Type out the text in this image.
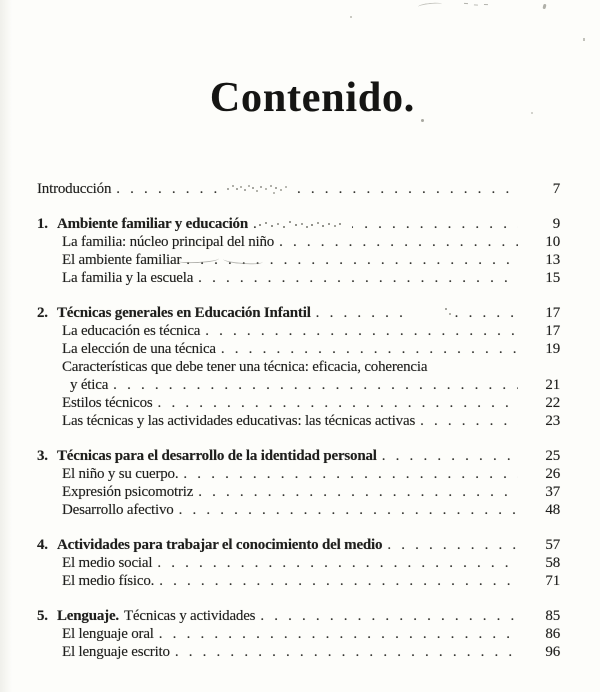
Contenido.
Introducción . . .	7
1. Ambiente familiar y educación . . .	9
La familia: núcleo principal del niño . . .	10
El ambiente familiar . . .	13
La familia y la escuela . . .	15
2. Técnicas generales en Educación Infantil . . .	17
La educación es técnica . . .	17
La elección de una técnica . . .	19
Características que debe tener una técnica: eficacia, coherencia
y ética . . .	21
Estilos técnicos . . .	22
Las técnicas y las actividades educativas: las técnicas activas . . .	23
3. Técnicas para el desarrollo de la identidad personal . . .	25
El niño y su cuerpo. . . .	26
Expresión psicomotriz . . .	37
Desarrollo afectivo . . .	48
4. Actividades para trabajar el conocimiento del medio . . .	57
El medio social . . .	58
El medio físico. . . .	71
5. Lenguaje. Técnicas y actividades . . .	85
El lenguaje oral . . .	86
El lenguaje escrito . . .	96
